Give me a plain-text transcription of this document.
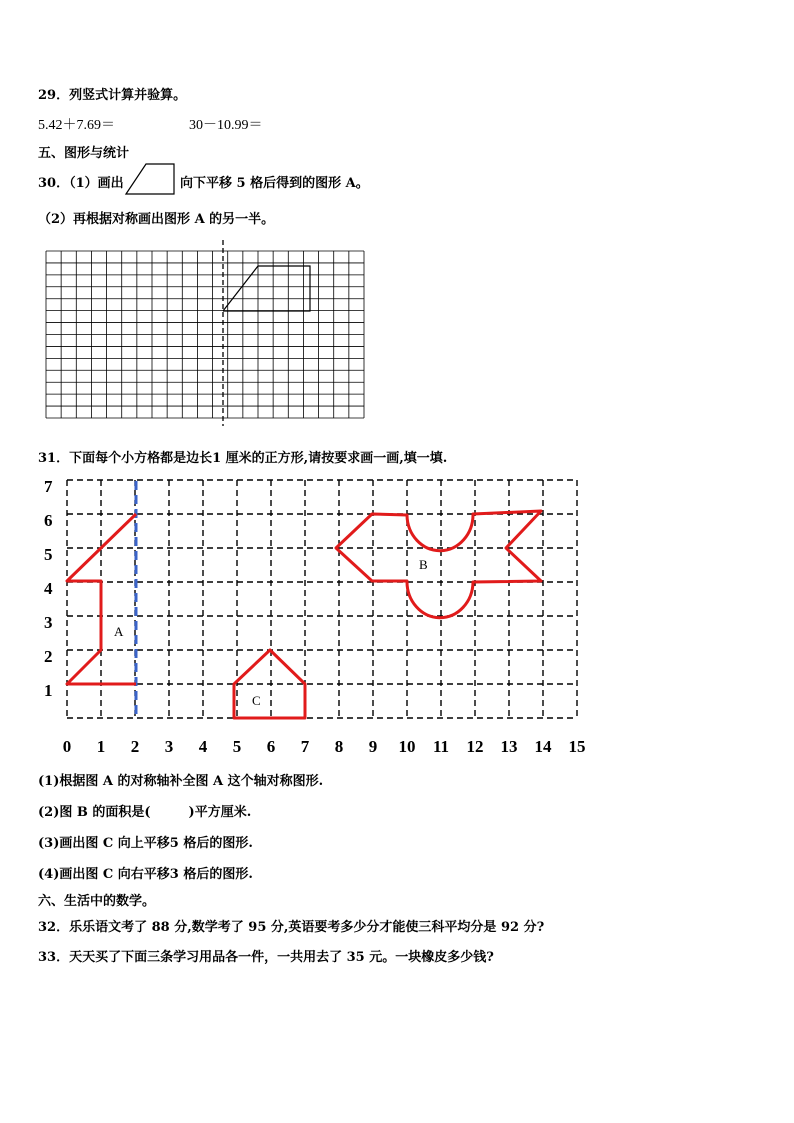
29．列竖式计算并验算。
5.42＋7.69＝	30－10.99＝
五、图形与统计
30．（1）画出	向下平移 5 格后得到的图形 A。
（2）再根据对称画出图形 A 的另一半。
31．下面每个小方格都是边长1 厘米的正方形,请按要求画一画,填一填.
7
6
5
4
3
2
1
0 1 2 3 4 5 6 7 8 9 10 11 12 13 14 15
A
B
C
(1)根据图 A 的对称轴补全图 A 这个轴对称图形.
(2)图 B 的面积是(	)平方厘米.
(3)画出图 C 向上平移5 格后的图形.
(4)画出图 C 向右平移3 格后的图形.
六、生活中的数学。
32．乐乐语文考了 88 分,数学考了 95 分,英语要考多少分才能使三科平均分是 92 分?
33．天天买了下面三条学习用品各一件，一共用去了 35 元。一块橡皮多少钱?
